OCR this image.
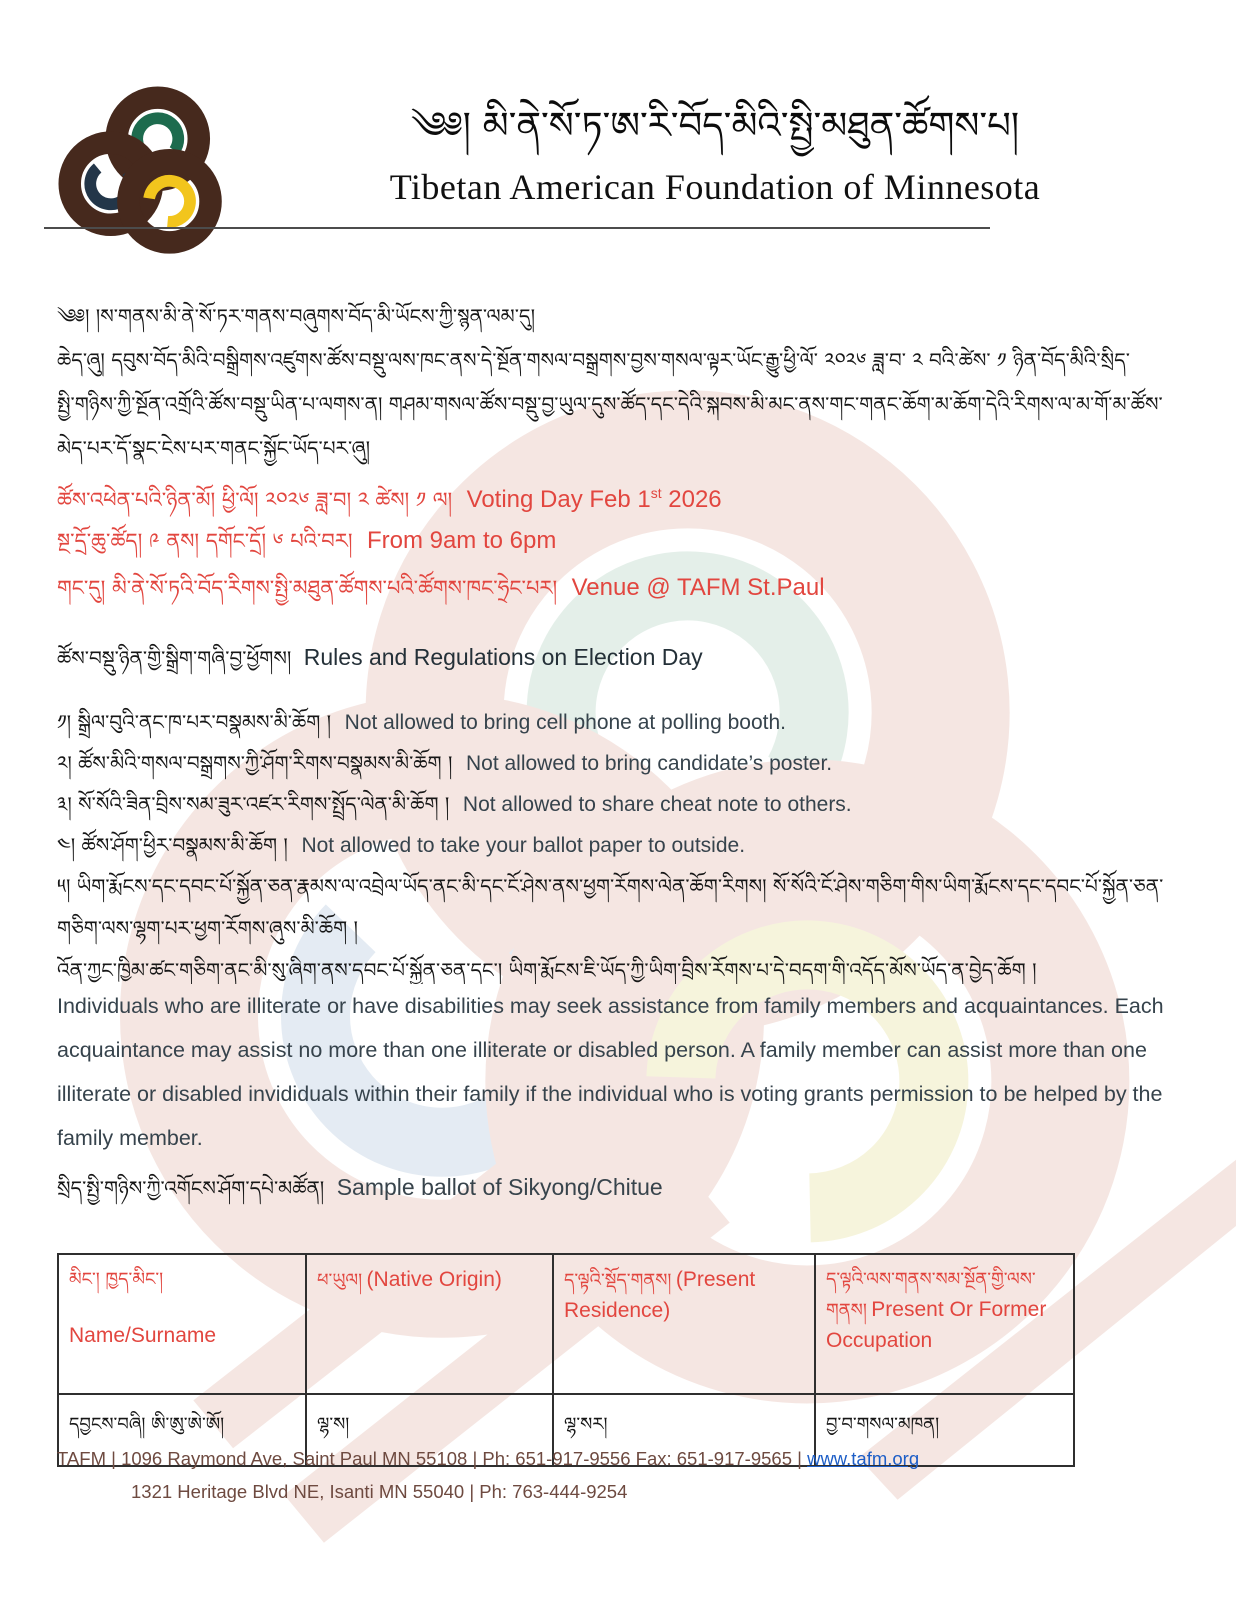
༄༅། མི་ནེ་སོ་ཏ་ཨ་རི་བོད་མིའི་སྤྱི་མཐུན་ཚོགས་པ།
Tibetan American Foundation of Minnesota
༄༅། །ས་གནས་མི་ནེ་སོ་ཏར་གནས་བཞུགས་བོད་མི་ཡོངས་ཀྱི་སྙན་ལམ་དུ།
ཆེད་ཞུ། དབུས་བོད་མིའི་བསྒྲིགས་འཛུགས་ཚོས་བསྡུ་ལས་ཁང་ནས་དེ་སྔོན་གསལ་བསྒྲགས་བྱས་གསལ་ལྟར་ཡོང་རྒྱུ་ཕྱི་ལོ་ ༢༠༢༦ ཟླ་བ་ ༢ བའི་ཚེས་ ༡ ཉིན་བོད་མིའི་སྲིད་
སྤྱི་གཉིས་ཀྱི་སྔོན་འགྲོའི་ཚོས་བསྡུ་ཡིན་པ་ལགས་ན། གཤམ་གསལ་ཚོས་བསྡུ་བྱ་ཡུལ་དུས་ཚོད་དང་དེའི་སྐབས་མི་མང་ནས་གང་གནང་ཆོག་མ་ཆོག་དེའི་རིགས་ལ་མ་གོ་མ་ཚོས་
མེད་པར་དོ་སྣང་ངེས་པར་གནང་སྐྱོང་ཡོད་པར་ཞུ།
ཚོས་འཕེན་པའི་ཉིན་མོ། ཕྱི་ལོ། ༢༠༢༦ ཟླ་བ། ༢ ཚེས། ༡ ལ། Voting Day Feb 1st 2026
སྔ་དྲོ་ཆུ་ཚོད། ༩ ནས། དགོང་དྲོ། ༦ པའི་བར། From 9am to 6pm
གང་དུ། མི་ནེ་སོ་ཏའི་བོད་རིགས་སྤྱི་མཐུན་ཚོགས་པའི་ཚོགས་ཁང་ཧྲེང་པར། Venue @ TAFM St.Paul
ཚོས་བསྡུ་ཉིན་གྱི་སྒྲིག་གཞི་བྱ་ཕྱོགས། Rules and Regulations on Election Day
༡། སྒྲིལ་བུའི་ནང་ཁ་པར་བསྣམས་མི་ཆོག ། Not allowed to bring cell phone at polling booth.
༢། ཚོས་མིའི་གསལ་བསྒྲགས་ཀྱི་ཤོག་རིགས་བསྣམས་མི་ཆོག ། Not allowed to bring candidate’s poster.
༣། སོ་སོའི་ཟིན་བྲིས་སམ་ཟུར་འཛར་རིགས་སྤྲོད་ལེན་མི་ཆོག ། Not allowed to share cheat note to others.
༤། ཚོས་ཤོག་ཕྱིར་བསྣམས་མི་ཆོག ། Not allowed to take your ballot paper to outside.
༥། ཡིག་རྨོངས་དང་དབང་པོ་སྐྱོན་ཅན་རྣམས་ལ་འབྲེལ་ཡོད་ནང་མི་དང་ངོ་ཤེས་ནས་ཕྱག་རོགས་ལེན་ཆོག་རིགས། སོ་སོའི་ངོ་ཤེས་གཅིག་གིས་ཡིག་རྨོངས་དང་དབང་པོ་སྐྱོན་ཅན་གཅིག་ལས་ལྷག་པར་ཕྱག་རོགས་ཞུས་མི་ཆོག །
འོན་ཀྱང་ཁྱིམ་ཚང་གཅིག་ནང་མི་སུ་ཞིག་ནས་དབང་པོ་སྐྱོན་ཅན་དང་། ཡིག་རྨོངས་ཇི་ཡོད་ཀྱི་ཡིག་བྲིས་རོགས་པ་དེ་བདག་གི་འདོད་མོས་ཡོད་ན་བྱེད་ཆོག །
Individuals who are illiterate or have disabilities may seek assistance from family members and acquaintances. Each acquaintance may assist no more than one illiterate or disabled person. A family member can assist more than one illiterate or disabled invididuals within their family if the individual who is voting grants permission to be helped by the family member.
སྲིད་སྤྱི་གཉིས་ཀྱི་འགོངས་ཤོག་དཔེ་མཚོན། Sample ballot of Sikyong/Chitue
མིང་། ཁྱད་མིང་།
Name/Surname	ཕ་ཡུལ། (Native Origin)	ད་ལྟའི་སྡོད་གནས། (Present Residence)	ད་ལྟའི་ལས་གནས་སམ་སྔོན་གྱི་ལས་གནས། Present Or Former Occupation
དབྱངས་བཞི། ཨི་ཨུ་ཨེ་ཨོ།	ལྷ་ས།	ལྷ་སར།	བྱ་བ་གསལ་མཁན།
TAFM | 1096 Raymond Ave, Saint Paul MN 55108 | Ph: 651-917-9556 Fax: 651-917-9565 | www.tafm.org
1321 Heritage Blvd NE, Isanti MN 55040 | Ph: 763-444-9254
